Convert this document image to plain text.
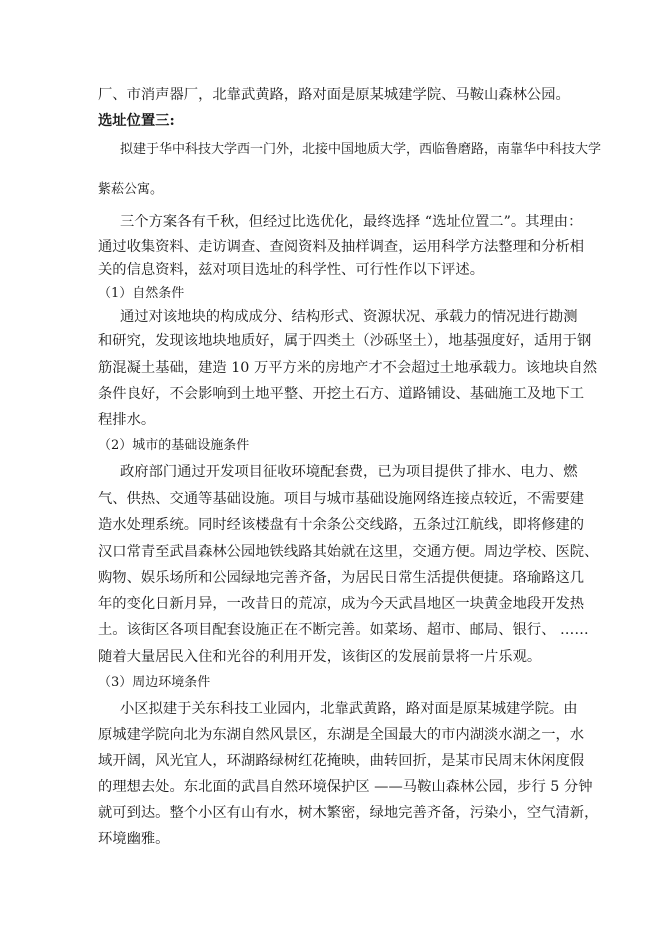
厂、市消声器厂，北靠武黄路，路对面是原某城建学院、马鞍山森林公园。

选址位置三:

拟建于华中科技大学西一门外，北接中国地质大学，西临鲁磨路，南靠华中科技大学

紫菘公寓。

三个方案各有千秋，但经过比选优化，最终选择 “选址位置二”。其理由：

通过收集资料、走访调查、查阅资料及抽样调查，运用科学方法整理和分析相

关的信息资料，兹对项目选址的科学性、可行性作以下评述。

（1）自然条件

通过对该地块的构成成分、结构形式、资源状况、承载力的情况进行勘测

和研究，发现该地块地质好，属于四类土（沙砾坚土），地基强度好，适用于钢

筋混凝土基础，建造 10 万平方米的房地产才不会超过土地承载力。该地块自然

条件良好，不会影响到土地平整、开挖土石方、道路铺设、基础施工及地下工

程排水。

（2）城市的基础设施条件

政府部门通过开发项目征收环境配套费，已为项目提供了排水、电力、燃

气、供热、交通等基础设施。项目与城市基础设施网络连接点较近，不需要建

造水处理系统。同时经该楼盘有十余条公交线路，五条过江航线，即将修建的

汉口常青至武昌森林公园地铁线路其始就在这里，交通方便。周边学校、医院、

购物、娱乐场所和公园绿地完善齐备，为居民日常生活提供便捷。珞瑜路这几

年的变化日新月异，一改昔日的荒凉，成为今天武昌地区一块黄金地段开发热

土。该街区各项目配套设施正在不断完善。如菜场、超市、邮局、银行、 ……

随着大量居民入住和光谷的利用开发，该街区的发展前景将一片乐观。

（3）周边环境条件

小区拟建于关东科技工业园内，北靠武黄路，路对面是原某城建学院。由

原城建学院向北为东湖自然风景区，东湖是全国最大的市内湖淡水湖之一，水

域开阔，风光宜人，环湖路绿树红花掩映，曲转回折，是某市民周末休闲度假

的理想去处。东北面的武昌自然环境保护区 ——马鞍山森林公园，步行 5 分钟

就可到达。整个小区有山有水，树木繁密，绿地完善齐备，污染小，空气清新，

环境幽雅。
